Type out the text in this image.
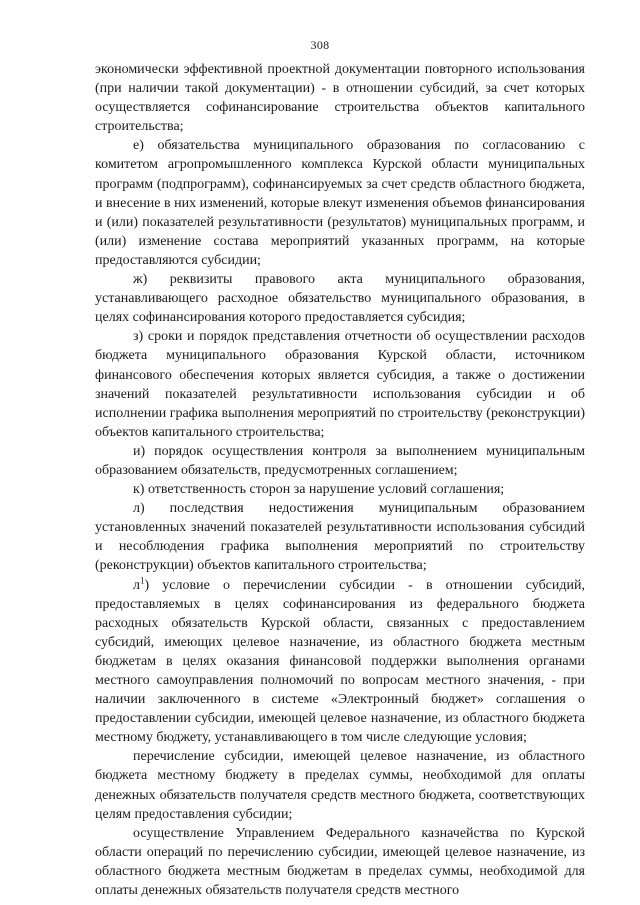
308

экономически эффективной проектной документации повторного использования (при наличии такой документации) - в отношении субсидий, за счет которых осуществляется софинансирование строительства объектов капитального строительства;

е) обязательства муниципального образования по согласованию с комитетом агропромышленного комплекса Курской области муниципальных программ (подпрограмм), софинансируемых за счет средств областного бюджета, и внесение в них изменений, которые влекут изменения объемов финансирования и (или) показателей результативности (результатов) муниципальных программ, и (или) изменение состава мероприятий указанных программ, на которые предоставляются субсидии;

ж) реквизиты правового акта муниципального образования, устанавливающего расходное обязательство муниципального образования, в целях софинансирования которого предоставляется субсидия;

з) сроки и порядок представления отчетности об осуществлении расходов бюджета муниципального образования Курской области, источником финансового обеспечения которых является субсидия, а также о достижении значений показателей результативности использования субсидии и об исполнении графика выполнения мероприятий по строительству (реконструкции) объектов капитального строительства;

и) порядок осуществления контроля за выполнением муниципальным образованием обязательств, предусмотренных соглашением;

к) ответственность сторон за нарушение условий соглашения;

л) последствия недостижения муниципальным образованием установленных значений показателей результативности использования субсидий и несоблюдения графика выполнения мероприятий по строительству (реконструкции) объектов капитального строительства;

$л^1$) условие о перечислении субсидии - в отношении субсидий, предоставляемых в целях софинансирования из федерального бюджета расходных обязательств Курской области, связанных с предоставлением субсидий, имеющих целевое назначение, из областного бюджета местным бюджетам в целях оказания финансовой поддержки выполнения органами местного самоуправления полномочий по вопросам местного значения, - при наличии заключенного в системе «Электронный бюджет» соглашения о предоставлении субсидии, имеющей целевое назначение, из областного бюджета местному бюджету, устанавливающего в том числе следующие условия;

перечисление субсидии, имеющей целевое назначение, из областного бюджета местному бюджету в пределах суммы, необходимой для оплаты денежных обязательств получателя средств местного бюджета, соответствующих целям предоставления субсидии;

осуществление Управлением Федерального казначейства по Курской области операций по перечислению субсидии, имеющей целевое назначение, из областного бюджета местным бюджетам в пределах суммы, необходимой для оплаты денежных обязательств получателя средств местного
